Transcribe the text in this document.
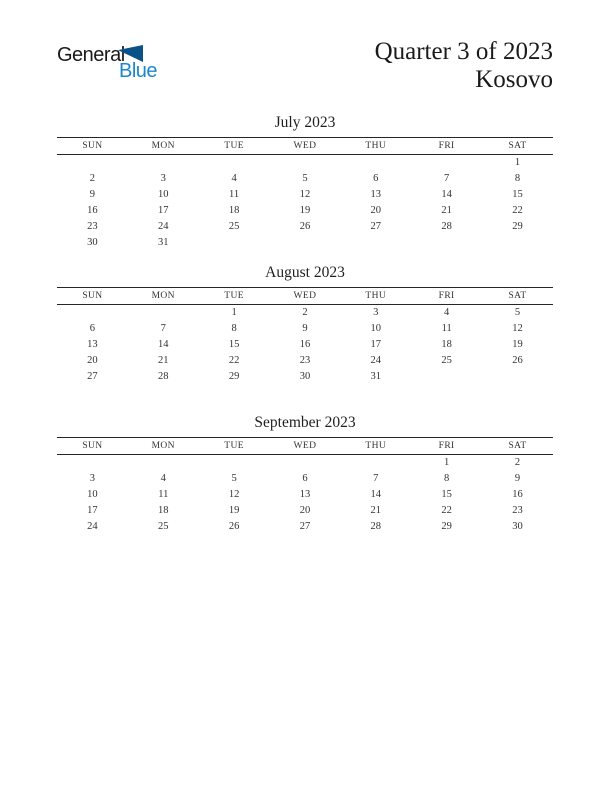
General
Blue
Quarter 3 of 2023
Kosovo
July 2023
SUN	MON	TUE	WED	THU	FRI	SAT
						1
2	3	4	5	6	7	8
9	10	11	12	13	14	15
16	17	18	19	20	21	22
23	24	25	26	27	28	29
30	31					
August 2023
SUN	MON	TUE	WED	THU	FRI	SAT
		1	2	3	4	5
6	7	8	9	10	11	12
13	14	15	16	17	18	19
20	21	22	23	24	25	26
27	28	29	30	31		

September 2023
SUN	MON	TUE	WED	THU	FRI	SAT
					1	2
3	4	5	6	7	8	9
10	11	12	13	14	15	16
17	18	19	20	21	22	23
24	25	26	27	28	29	30
